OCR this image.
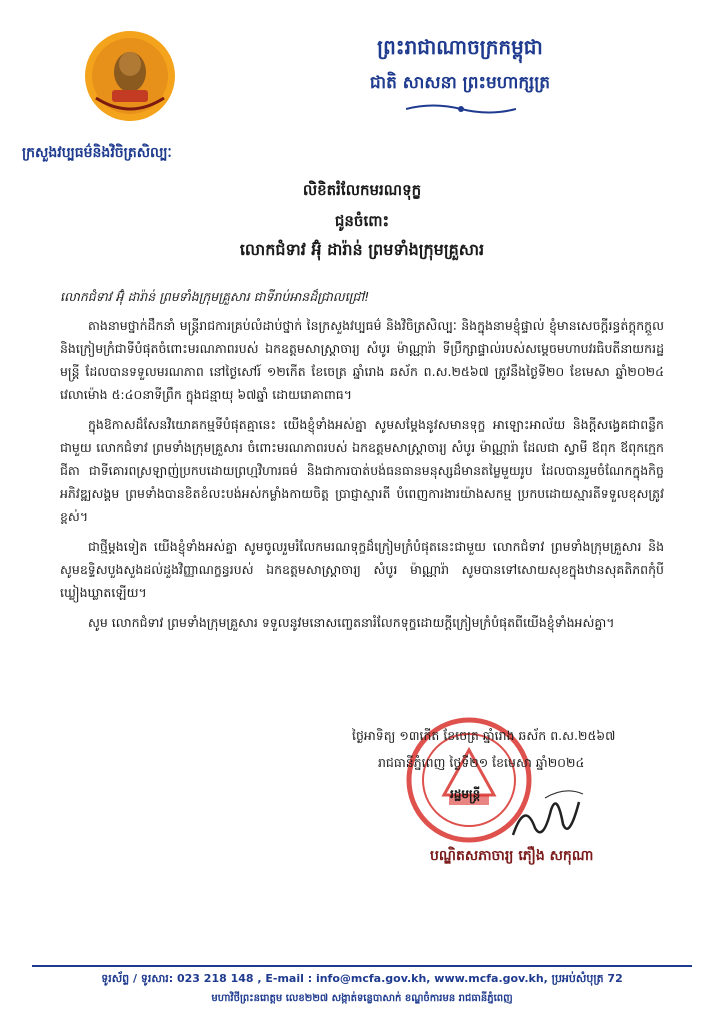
ព្រះរាជាណាចក្រកម្ពុជា
ជាតិ សាសនា ព្រះមហាក្សត្រ
ក្រសួងវប្បធម៌និងវិចិត្រសិល្បៈ
លិខិតរំលែកមរណទុក្ខ
ជូនចំពោះ
លោកជំទាវ អ៊ុំ ដារ៉ាន់ ព្រមទាំងក្រុមគ្រួសារ

លោកជំទាវ អ៊ុំ ដារ៉ាន់ ព្រមទាំងក្រុមគ្រួសារ ជាទីរាប់អានដ៏ជ្រាលជ្រៅ!

តាងនាមថ្នាក់ដឹកនាំ មន្ត្រីរាជការគ្រប់លំដាប់ថ្នាក់ នៃក្រសួងវប្បធម៌ និងវិចិត្រសិល្បៈ និងក្នុងនាមខ្ញុំផ្ទាល់ ខ្ញុំមានសេចក្តីរន្ធត់ក្តុកក្តួល និងក្រៀមក្រំជាទីបំផុតចំពោះមរណភាពរបស់ ឯកឧត្តមសាស្ត្រាចារ្យ សំបូរ ម៉ាណ្ណារ៉ា ទីប្រឹក្សាផ្ទាល់របស់សម្តេចមហាបវរធិបតីនាយករដ្ឋមន្ត្រី ដែលបានទទួលមរណភាព នៅថ្ងៃសៅរ៍ ១២កើត ខែចេត្រ ឆ្នាំរោង ឆស័ក ព.ស.២៥៦៧ ត្រូវនឹងថ្ងៃទី២០ ខែមេសា ឆ្នាំ២០២៤ វេលាម៉ោង ៥:៤០នាទីព្រឹក ក្នុងជន្មាយុ ៦៧ឆ្នាំ ដោយរោគាពាធ។

ក្នុងឱកាសដ៏សែនវិយោគកម្មទីបំផុតគ្មានេះ យើងខ្ញុំទាំងអស់គ្នា សូមសម្តែងនូវសមានទុក្ខ អាឡោះអាល័យ និងក្តីសង្វេគជាពន្លឹកជាមួយ លោកជំទាវ ព្រមទាំងក្រុមគ្រួសារ ចំពោះមរណភាពរបស់ ឯកឧត្តមសាស្ត្រាចារ្យ សំបូរ ម៉ាណ្ណារ៉ា ដែលជា ស្វាមី ឪពុក ឪពុកក្មេក ជីតា ជាទីគោរពស្រឡាញ់ប្រកបដោយព្រហ្មវិហារធម៌ និងជាការបាត់បង់ធនធានមនុស្សដ៏មានតម្លៃមួយរូប ដែលបានរួមចំណែកក្នុងកិច្ចអភិវឌ្ឍសង្គម ព្រមទាំងបានខិតខំលះបង់អស់កម្លាំងកាយចិត្ត ប្រាជ្ញាស្មារតី បំពេញការងារយ៉ាងសកម្ម ប្រកបដោយស្មារតីទទួលខុសត្រូវខ្ពស់។

ជាថ្មីម្តងទៀត យើងខ្ញុំទាំងអស់គ្នា សូមចូលរួមរំលែកមរណទុក្ខដ៏ក្រៀមក្រំបំផុតនេះជាមួយ លោកជំទាវ ព្រមទាំងក្រុមគ្រួសារ និងសូមឧទ្ទិសបួងសួងដល់ដួងវិញ្ញាណក្ខន្ធរបស់ ឯកឧត្តមសាស្ត្រាចារ្យ សំបូរ ម៉ាណ្ណារ៉ា សូមបានទៅសោយសុខក្នុងឋានសុគតិភពកុំបីឃ្លៀងឃ្លាតឡើយ។

សូម លោកជំទាវ ព្រមទាំងក្រុមគ្រួសារ ទទួលនូវមនោសញ្ចេតនារំលែកទុក្ខដោយក្តីក្រៀមក្រំបំផុតពីយើងខ្ញុំទាំងអស់គ្នា។

ថ្ងៃអាទិត្យ ១៣កើត ខែចេត្រ ឆ្នាំរោង ឆស័ក ព.ស.២៥៦៧
រាជធានីភ្នំពេញ ថ្ងៃទី២១ ខែមេសា ឆ្នាំ២០២៤
រដ្ឋមន្ត្រី
បណ្ឌិតសភាចារ្យ ភឿង សកុណា
ទូរស័ព្ទ / ទូរសារ: 023 218 148 , E-mail : info@mcfa.gov.kh, www.mcfa.gov.kh, ប្រអប់សំបុត្រ 72
មហាវិថីព្រះនរោត្តម លេខ២២៧ សង្កាត់ទន្លេបាសាក់ ខណ្ឌចំការមន រាជធានីភ្នំពេញ
